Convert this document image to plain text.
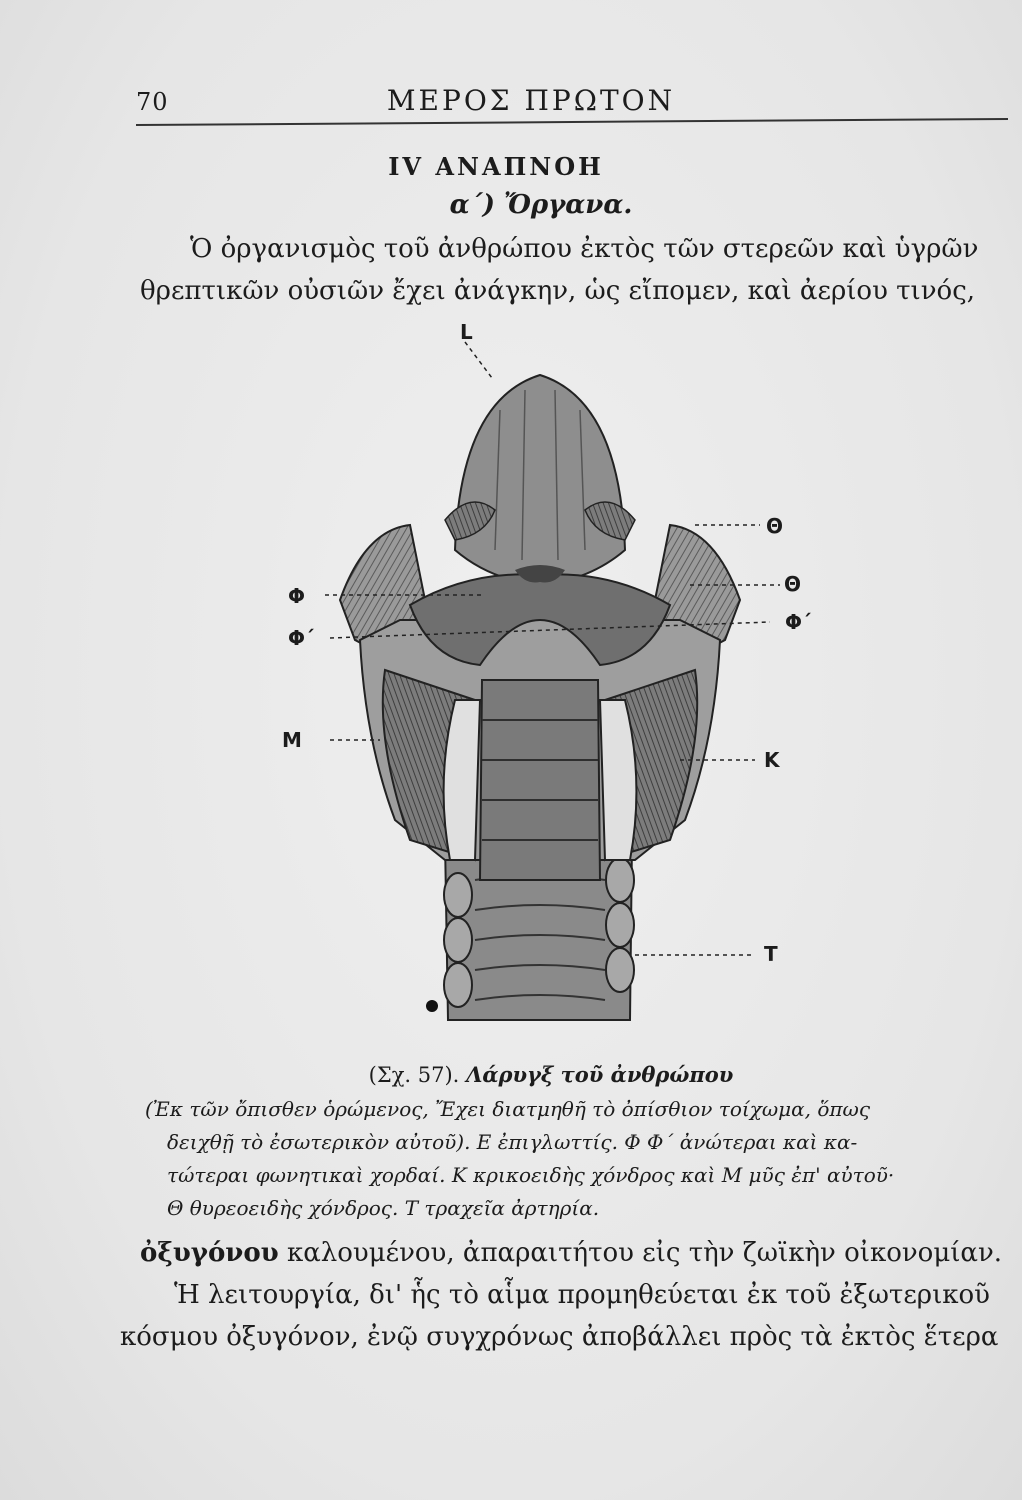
70	ΜΕΡΟΣ ΠΡΩΤΟΝ
IV ΑΝΑΠΝΟΗ
α΄) Ὄργανα.
Ὁ ὀργανισμὸς τοῦ ἀνθρώπου ἐκτὸς τῶν στερεῶν καὶ ὑγρῶν
θρεπτικῶν οὐσιῶν ἔχει ἀνάγκην, ὡς εἴπομεν, καὶ ἀερίου τινός,
L
Θ
Θ
Φ
Φ΄
Φ΄
Μ
Κ
Τ
(Σχ. 57). Λάρυγξ τοῦ ἀνθρώπου
(Ἐκ τῶν ὄπισθεν ὁρώμενος, Ἔχει διατμηθῆ τὸ ὀπίσθιον τοίχωμα, ὅπως
δειχθῇ τὸ ἐσωτερικὸν αὐτοῦ). Ε ἐπιγλωττίς. Φ Φ΄ ἀνώτεραι καὶ κα-
τώτεραι φωνητικαὶ χορδαί. Κ κρικοειδὴς χόνδρος καὶ Μ μῦς ἐπ' αὐτοῦ·
Θ θυρεοειδὴς χόνδρος. Τ τραχεῖα ἀρτηρία.
ὀξυγόνου καλουμένου, ἀπαραιτήτου εἰς τὴν ζωϊκὴν οἰκονομίαν.
Ἡ λειτουργία, δι' ἧς τὸ αἷμα προμηθεύεται ἐκ τοῦ ἐξωτερικοῦ
κόσμου ὀξυγόνον, ἐνῷ συγχρόνως ἀποβάλλει πρὸς τὰ ἐκτὸς ἕτερα
